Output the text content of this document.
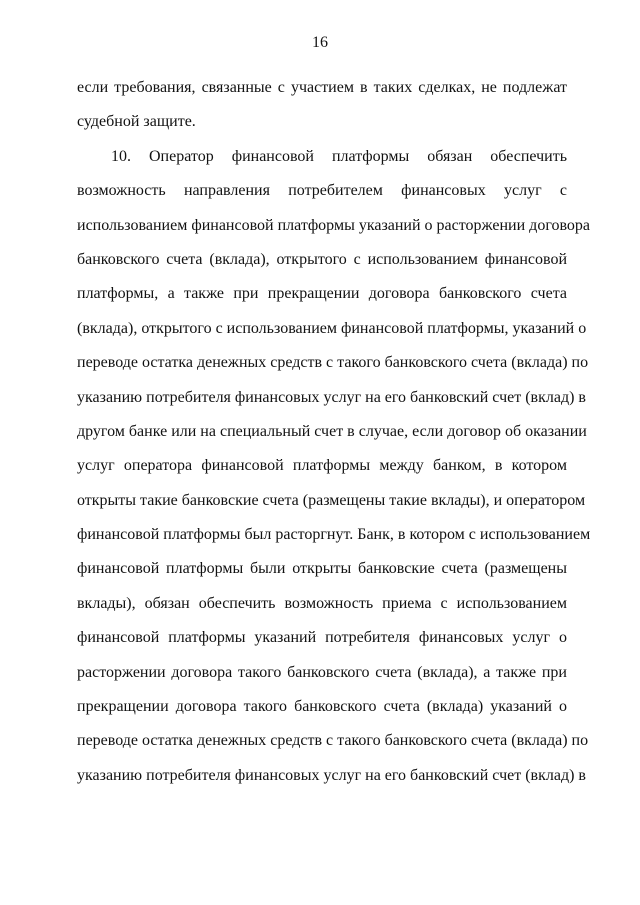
16
если требования, связанные с участием в таких сделках, не подлежат
судебной защите.
10. Оператор финансовой платформы обязан обеспечить
возможность направления потребителем финансовых услуг с
использованием финансовой платформы указаний о расторжении договора
банковского счета (вклада), открытого с использованием финансовой
платформы, а также при прекращении договора банковского счета
(вклада), открытого с использованием финансовой платформы, указаний о
переводе остатка денежных средств с такого банковского счета (вклада) по
указанию потребителя финансовых услуг на его банковский счет (вклад) в
другом банке или на специальный счет в случае, если договор об оказании
услуг оператора финансовой платформы между банком, в котором
открыты такие банковские счета (размещены такие вклады), и оператором
финансовой платформы был расторгнут. Банк, в котором с использованием
финансовой платформы были открыты банковские счета (размещены
вклады), обязан обеспечить возможность приема с использованием
финансовой платформы указаний потребителя финансовых услуг о
расторжении договора такого банковского счета (вклада), а также при
прекращении договора такого банковского счета (вклада) указаний о
переводе остатка денежных средств с такого банковского счета (вклада) по
указанию потребителя финансовых услуг на его банковский счет (вклад) в
